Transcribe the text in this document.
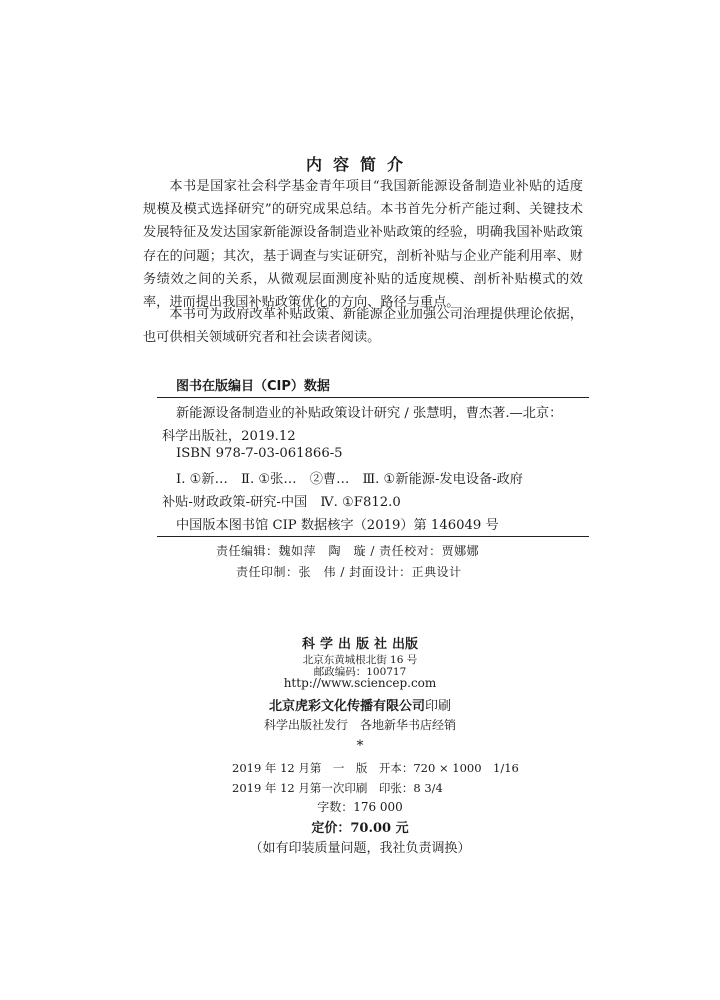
内容简介

本书是国家社会科学基金青年项目“我国新能源设备制造业补贴的适度规模及模式选择研究”的研究成果总结。本书首先分析产能过剩、关键技术发展特征及发达国家新能源设备制造业补贴政策的经验，明确我国补贴政策存在的问题；其次，基于调查与实证研究，剖析补贴与企业产能利用率、财务绩效之间的关系，从微观层面测度补贴的适度规模、剖析补贴模式的效率，进而提出我国补贴政策优化的方向、路径与重点。

本书可为政府改革补贴政策、新能源企业加强公司治理提供理论依据，也可供相关领域研究者和社会读者阅读。

图书在版编目（CIP）数据
新能源设备制造业的补贴政策设计研究 / 张慧明，曹杰著.—北京：
科学出版社，2019.12
ISBN 978-7-03-061866-5
Ⅰ. ①新…　Ⅱ. ①张…　②曹…　Ⅲ. ①新能源-发电设备-政府
补贴-财政政策-研究-中国　Ⅳ. ①F812.0
中国版本图书馆 CIP 数据核字（2019）第 146049 号
责任编辑：魏如萍　陶　璇 / 责任校对：贾娜娜
责任印制：张　伟 / 封面设计：正典设计
科学出版社出版
北京东黄城根北街 16 号
邮政编码：100717
http://www.sciencep.com
北京虎彩文化传播有限公司印刷
科学出版社发行　各地新华书店经销
*
2019 年 12 月第　一　版　开本：720 × 1000　1/16
2019 年 12 月第一次印刷　印张：8 3/4
字数：176 000
定价：70.00 元
（如有印装质量问题，我社负责调换）
